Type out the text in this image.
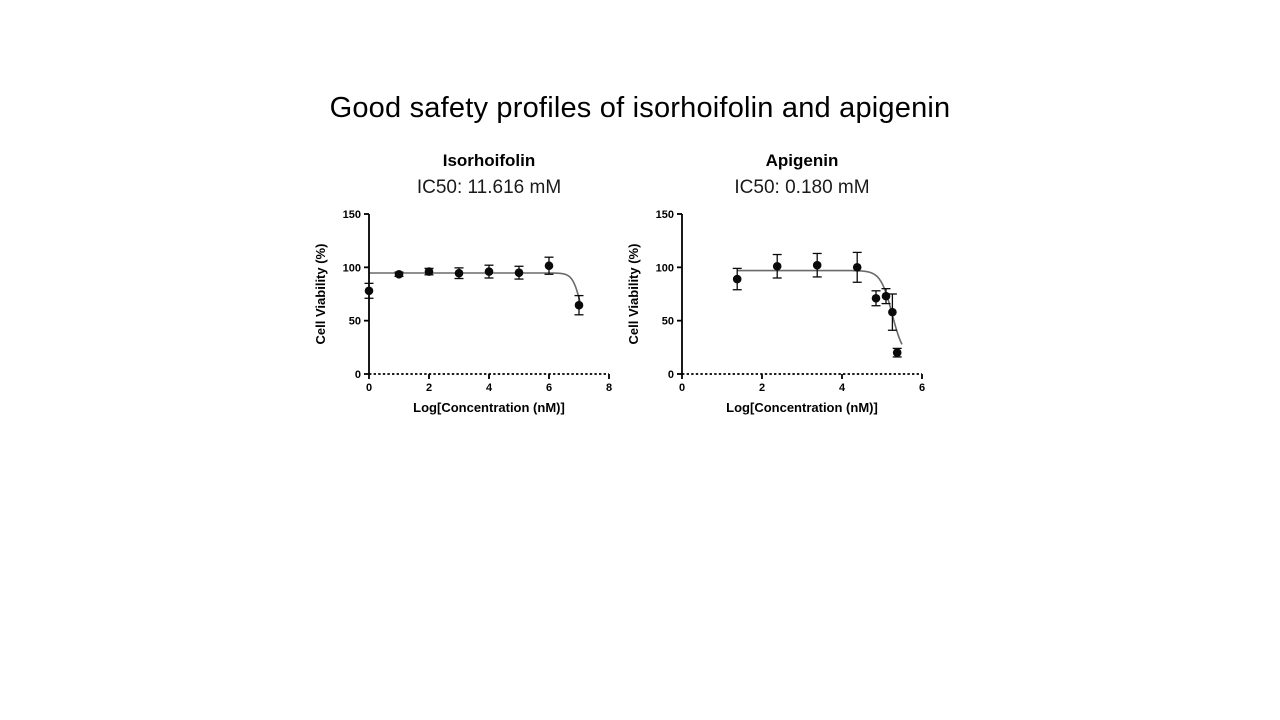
Good safety profiles of isorhoifolin and apigenin
Isorhoifolin
IC50: 11.616 mM
0	2	4	6	8
0
50
100
150
Log[Concentration (nM)]
Cell Viability (%)
Apigenin
IC50: 0.180 mM
0	2	4	6
0
50
100
150
Log[Concentration (nM)]
Cell Viability (%)
